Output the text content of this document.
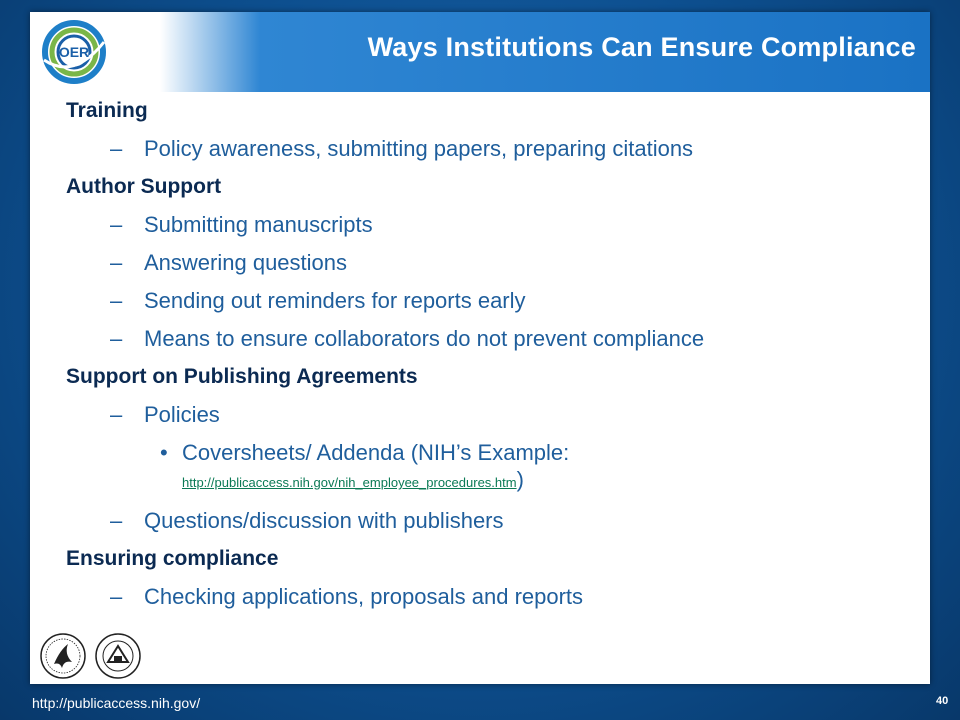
OER	Ways Institutions Can Ensure Compliance

Training

– Policy awareness, submitting papers, preparing citations

Author Support

– Submitting manuscripts

– Answering questions

– Sending out reminders for reports early

– Means to ensure collaborators do not prevent compliance

Support on Publishing Agreements

– Policies

• Coversheets/ Addenda (NIH’s Example:

http://publicaccess.nih.gov/nih_employee_procedures.htm)

– Questions/discussion with publishers

Ensuring compliance

– Checking applications, proposals and reports

http://publicaccess.nih.gov/	40
